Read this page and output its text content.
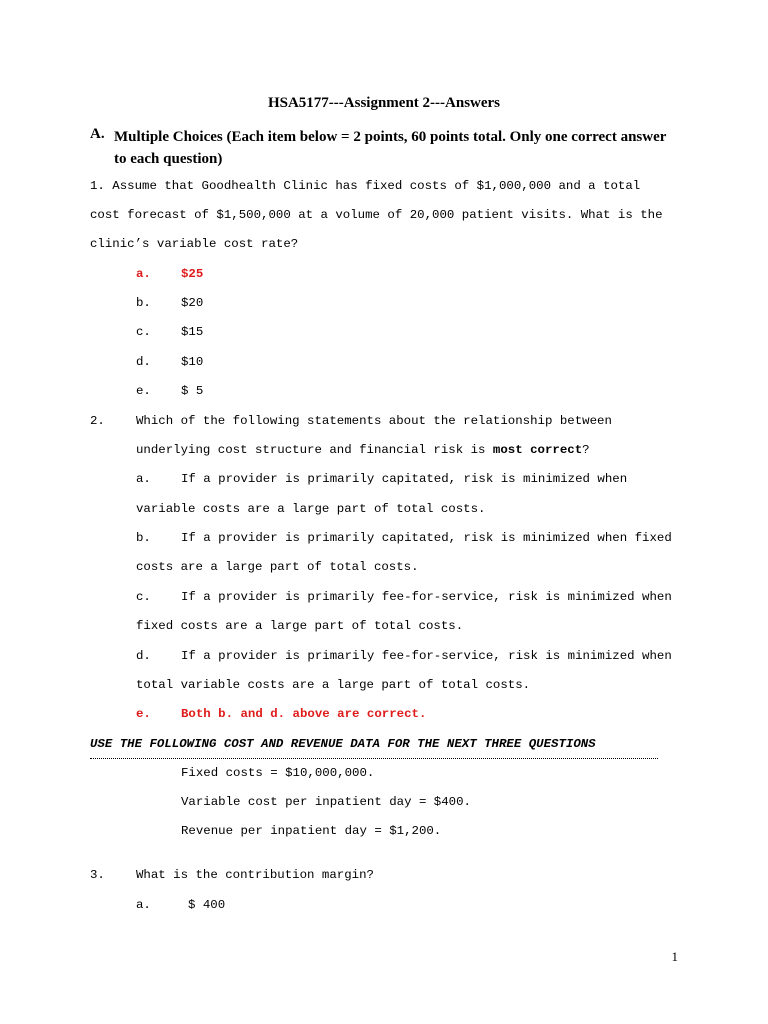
HSA5177---Assignment 2---Answers
A. Multiple Choices (Each item below = 2 points, 60 points total. Only one correct answer
to each question)
1. Assume that Goodhealth Clinic has fixed costs of $1,000,000 and a total
cost forecast of $1,500,000 at a volume of 20,000 patient visits. What is the
clinic’s variable cost rate?
a. $25
b. $20
c. $15
d. $10
e. $ 5
2.	Which of the following statements about the relationship between
underlying cost structure and financial risk is most correct?
a. If a provider is primarily capitated, risk is minimized when
variable costs are a large part of total costs.
b. If a provider is primarily capitated, risk is minimized when fixed
costs are a large part of total costs.
c. If a provider is primarily fee-for-service, risk is minimized when
fixed costs are a large part of total costs.
d. If a provider is primarily fee-for-service, risk is minimized when
total variable costs are a large part of total costs.
e. Both b. and d. above are correct.
USE THE FOLLOWING COST AND REVENUE DATA FOR THE NEXT THREE QUESTIONS
Fixed costs = $10,000,000.
Variable cost per inpatient day = $400.
Revenue per inpatient day = $1,200.
3.	What is the contribution margin?
a.	$ 400
1
